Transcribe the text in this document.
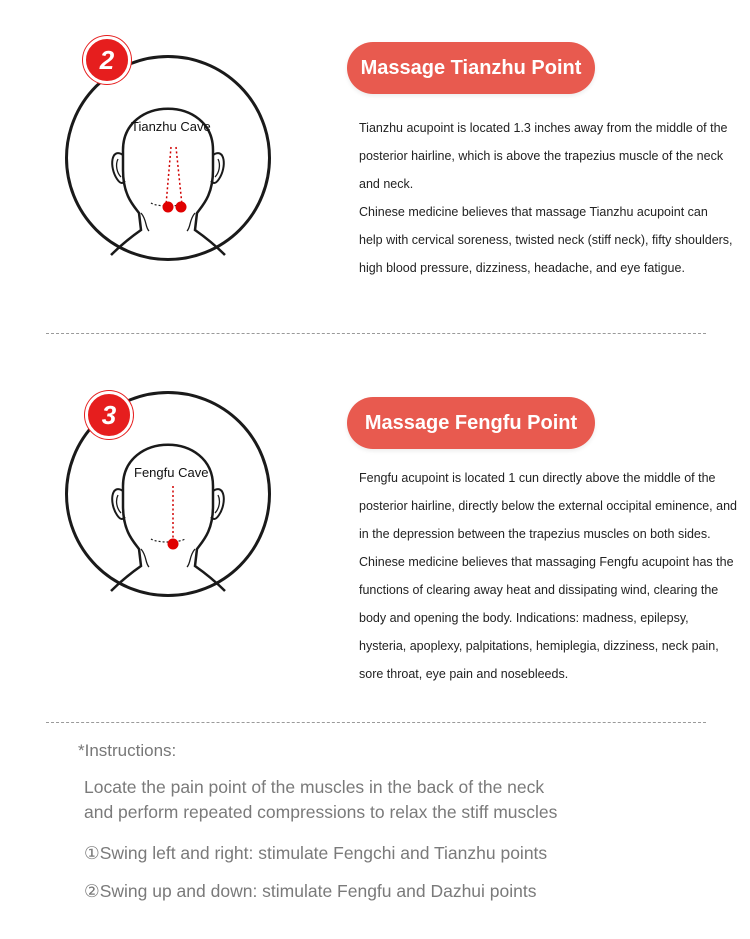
Tianzhu Cave
2	Massage Tianzhu Point

Tianzhu acupoint is located 1.3 inches away from the middle of the posterior hairline, which is above the trapezius muscle of the neck and neck.

Chinese medicine believes that massage Tianzhu acupoint can help with cervical soreness, twisted neck (stiff neck), fifty shoulders, high blood pressure, dizziness, headache, and eye fatigue.

Fengfu Cave
3	Massage Fengfu Point

Fengfu acupoint is located 1 cun directly above the middle of the posterior hairline, directly below the external occipital eminence, and in the depression between the trapezius muscles on both sides.

Chinese medicine believes that massaging Fengfu acupoint has the functions of clearing away heat and dissipating wind, clearing the body and opening the body. Indications: madness, epilepsy, hysteria, apoplexy, palpitations, hemiplegia, dizziness, neck pain, sore throat, eye pain and nosebleeds.

*Instructions:

Locate the pain point of the muscles in the back of the neck

and perform repeated compressions to relax the stiff muscles

①Swing left and right: stimulate Fengchi and Tianzhu points
②Swing up and down: stimulate Fengfu and Dazhui points
